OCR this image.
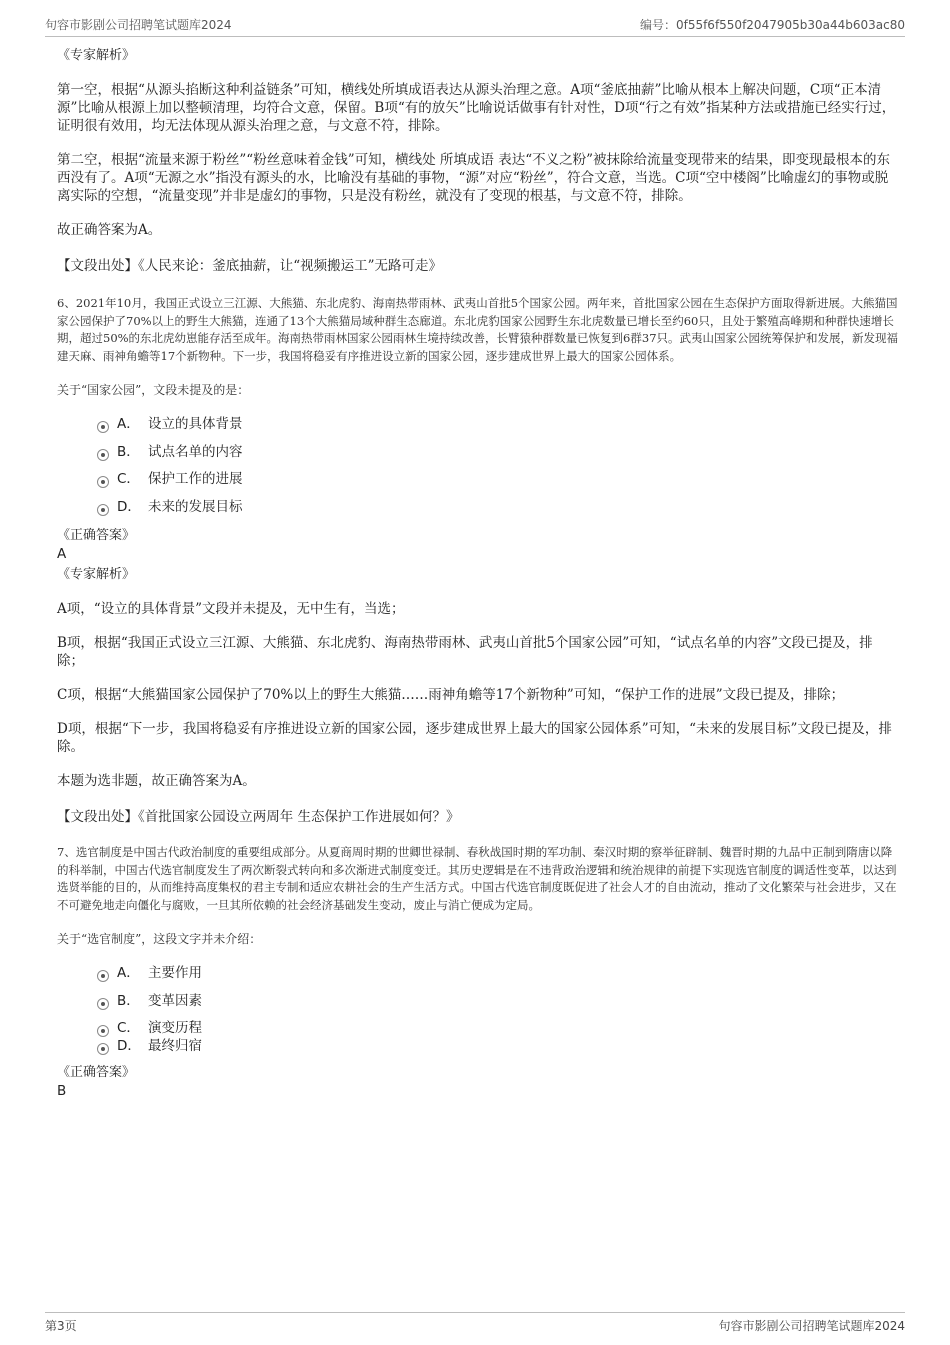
句容市影剧公司招聘笔试题库2024	编号：0f55f6f550f2047905b30a44b603ac80

《专家解析》

第一空，根据“从源头掐断这种利益链条”可知，横线处所填成语表达从源头治理之意。A项“釜底抽薪”比喻从根本上解决问题，C项“正本清源”比喻从根源上加以整顿清理，均符合文意，保留。B项“有的放矢”比喻说话做事有针对性，D项“行之有效”指某种方法或措施已经实行过，证明很有效用，均无法体现从源头治理之意，与文意不符，排除。

第二空，根据“流量来源于粉丝”“粉丝意味着金钱”可知，横线处 所填成语 表达“不义之粉”被抹除给流量变现带来的结果，即变现最根本的东西没有了。A项“无源之水”指没有源头的水，比喻没有基础的事物，“源”对应“粉丝”，符合文意，当选。C项“空中楼阁”比喻虚幻的事物或脱离实际的空想，“流量变现”并非是虚幻的事物，只是没有粉丝，就没有了变现的根基，与文意不符，排除。

故正确答案为A。

【文段出处】《人民来论：釜底抽薪，让“视频搬运工”无路可走》

6、2021年10月，我国正式设立三江源、大熊猫、东北虎豹、海南热带雨林、武夷山首批5个国家公园。两年来，首批国家公园在生态保护方面取得新进展。大熊猫国家公园保护了70%以上的野生大熊猫，连通了13个大熊猫局域种群生态廊道。东北虎豹国家公园野生东北虎数量已增长至约60只，且处于繁殖高峰期和种群快速增长期，超过50%的东北虎幼崽能存活至成年。海南热带雨林国家公园雨林生境持续改善，长臂猿种群数量已恢复到6群37只。武夷山国家公园统筹保护和发展，新发现福建天麻、雨神角蟾等17个新物种。下一步，我国将稳妥有序推进设立新的国家公园，逐步建成世界上最大的国家公园体系。

关于“国家公园”，文段未提及的是：

A． 设立的具体背景
B． 试点名单的内容
C． 保护工作的进展
D． 未来的发展目标

《正确答案》

A

《专家解析》

A项，“设立的具体背景”文段并未提及，无中生有，当选；

B项，根据“我国正式设立三江源、大熊猫、东北虎豹、海南热带雨林、武夷山首批5个国家公园”可知，“试点名单的内容”文段已提及，排除；

C项，根据“大熊猫国家公园保护了70%以上的野生大熊猫……雨神角蟾等17个新物种”可知，“保护工作的进展”文段已提及，排除；

D项，根据“下一步，我国将稳妥有序推进设立新的国家公园，逐步建成世界上最大的国家公园体系”可知，“未来的发展目标”文段已提及，排除。

本题为选非题，故正确答案为A。

【文段出处】《首批国家公园设立两周年 生态保护工作进展如何？》

7、选官制度是中国古代政治制度的重要组成部分。从夏商周时期的世卿世禄制、春秋战国时期的军功制、秦汉时期的察举征辟制、魏晋时期的九品中正制到隋唐以降的科举制，中国古代选官制度发生了两次断裂式转向和多次渐进式制度变迁。其历史逻辑是在不违背政治逻辑和统治规律的前提下实现选官制度的调适性变革，以达到选贤举能的目的，从而维持高度集权的君主专制和适应农耕社会的生产生活方式。中国古代选官制度既促进了社会人才的自由流动，推动了文化繁荣与社会进步，又在不可避免地走向僵化与腐败，一旦其所依赖的社会经济基础发生变动，废止与消亡便成为定局。

关于“选官制度”，这段文字并未介绍：

A． 主要作用
B． 变革因素
C． 演变历程
D． 最终归宿

《正确答案》

B

第3页	句容市影剧公司招聘笔试题库2024
